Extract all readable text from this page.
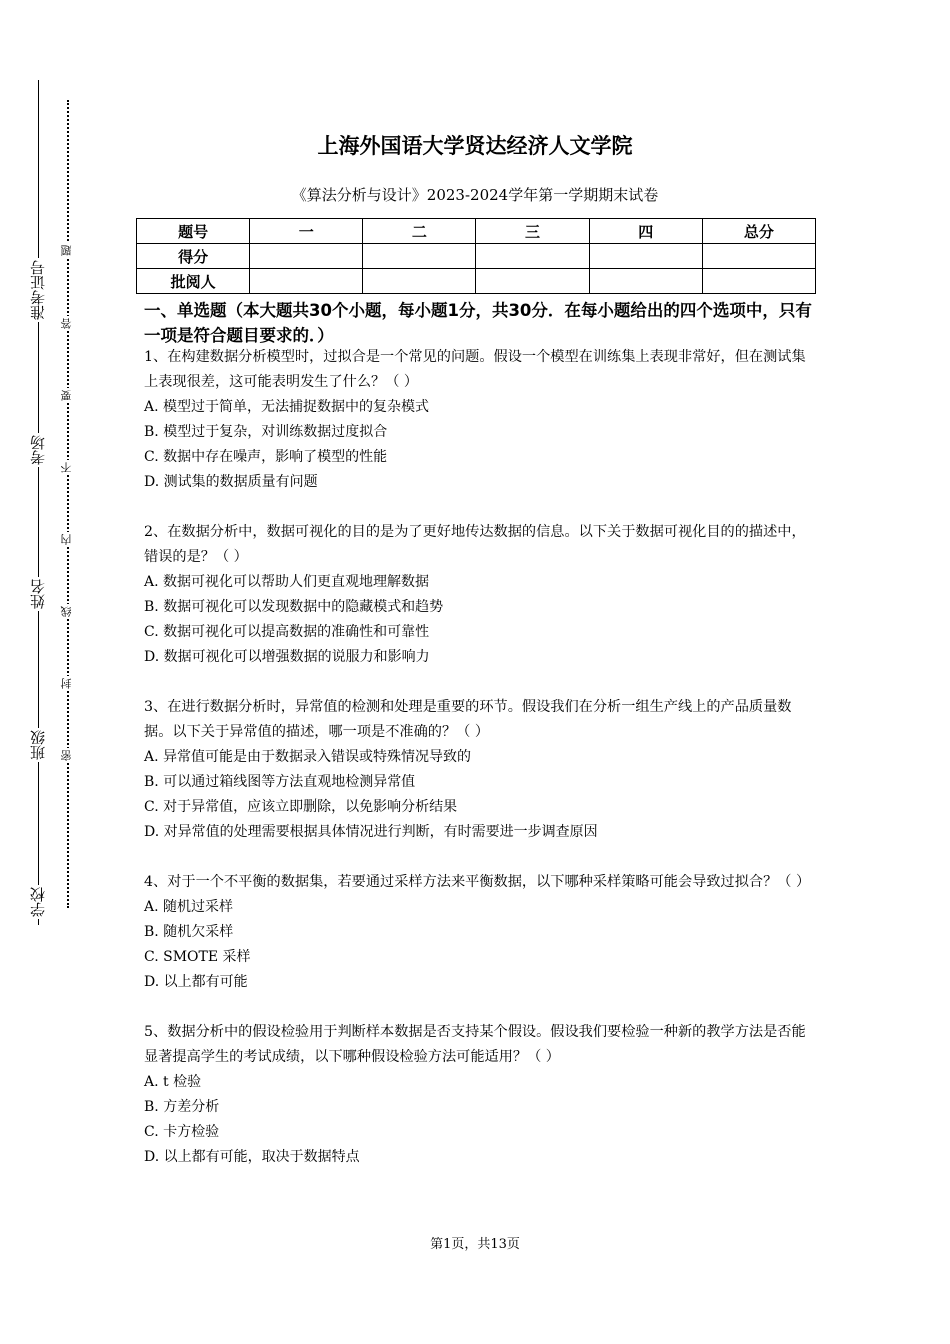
准考证号
考场
姓名
班级
学校
题
答
要
不
内
线
封
密
上海外国语大学贤达经济人文学院
《算法分析与设计》2023-2024学年第一学期期末试卷
题号	一	二	三	四	总分
得分					
批阅人					
一、单选题（本大题共30个小题，每小题1分，共30分．在每小题给出的四个选项中，只有一项是符合题目要求的．）

1、在构建数据分析模型时，过拟合是一个常见的问题。假设一个模型在训练集上表现非常好，但在测试集上表现很差，这可能表明发生了什么？（ ）

A. 模型过于简单，无法捕捉数据中的复杂模式

B. 模型过于复杂，对训练数据过度拟合

C. 数据中存在噪声，影响了模型的性能

D. 测试集的数据质量有问题

2、在数据分析中，数据可视化的目的是为了更好地传达数据的信息。以下关于数据可视化目的的描述中，错误的是？（ ）

A. 数据可视化可以帮助人们更直观地理解数据

B. 数据可视化可以发现数据中的隐藏模式和趋势

C. 数据可视化可以提高数据的准确性和可靠性

D. 数据可视化可以增强数据的说服力和影响力

3、在进行数据分析时，异常值的检测和处理是重要的环节。假设我们在分析一组生产线上的产品质量数据。以下关于异常值的描述，哪一项是不准确的？（ ）

A. 异常值可能是由于数据录入错误或特殊情况导致的

B. 可以通过箱线图等方法直观地检测异常值

C. 对于异常值，应该立即删除，以免影响分析结果

D. 对异常值的处理需要根据具体情况进行判断，有时需要进一步调查原因

4、对于一个不平衡的数据集，若要通过采样方法来平衡数据，以下哪种采样策略可能会导致过拟合？（ ）

A. 随机过采样

B. 随机欠采样

C. SMOTE 采样

D. 以上都有可能

5、数据分析中的假设检验用于判断样本数据是否支持某个假设。假设我们要检验一种新的教学方法是否能显著提高学生的考试成绩，以下哪种假设检验方法可能适用？（ ）

A. t 检验

B. 方差分析

C. 卡方检验

D. 以上都有可能，取决于数据特点

第1页，共13页
